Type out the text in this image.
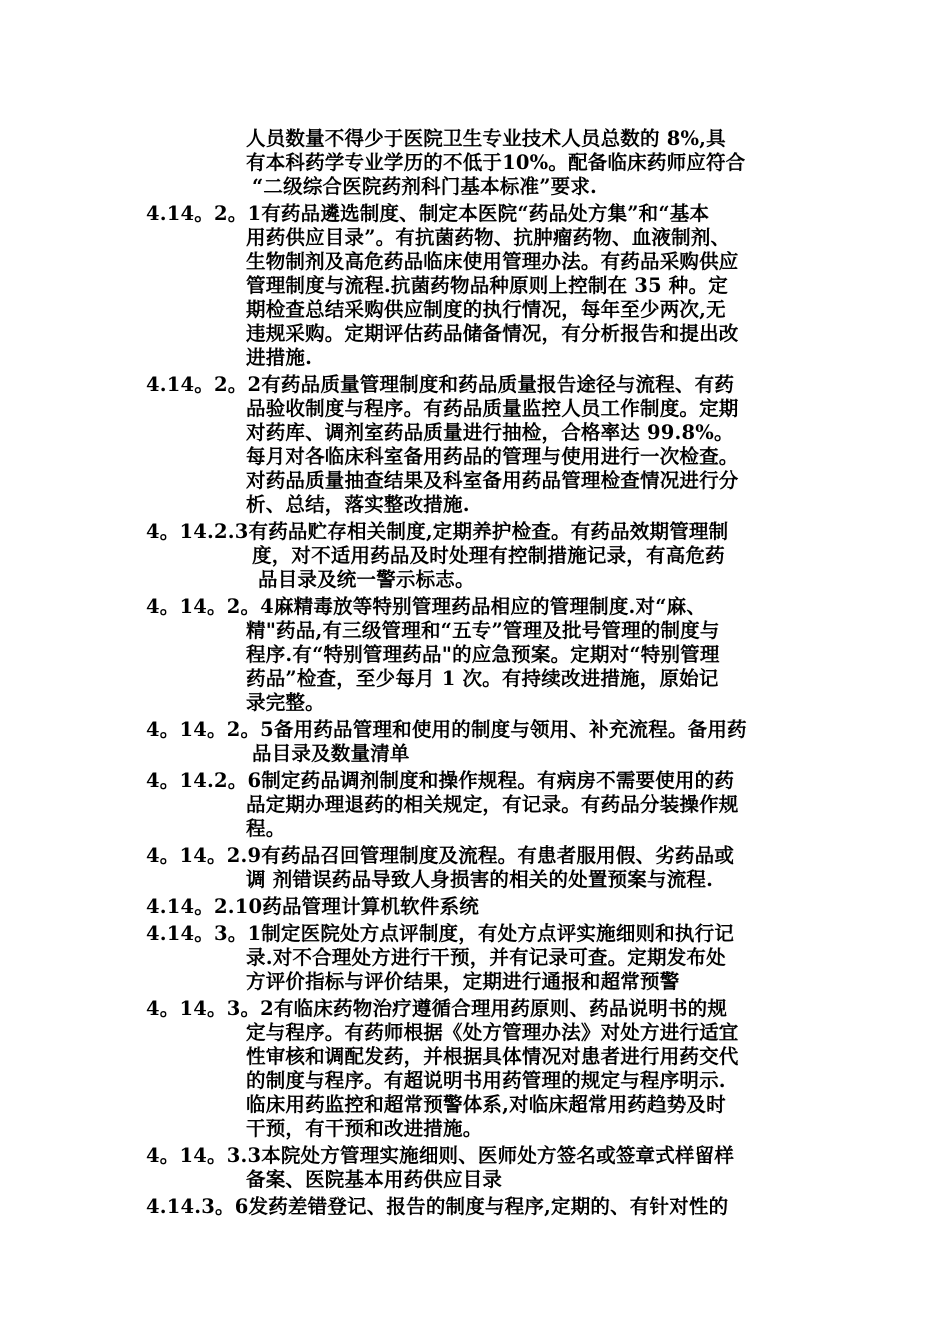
人员数量不得少于医院卫生专业技术人员总数的 8%,具
有本科药学专业学历的不低于10%。配备临床药师应符合
“二级综合医院药剂科门基本标准”要求.
4.14。2。1有药品遴选制度、制定本医院“药品处方集”和“基本
用药供应目录”。有抗菌药物、抗肿瘤药物、血液制剂、
生物制剂及高危药品临床使用管理办法。有药品采购供应
管理制度与流程.抗菌药物品种原则上控制在 35 种。定
期检查总结采购供应制度的执行情况，每年至少两次,无
违规采购。定期评估药品储备情况，有分析报告和提出改
进措施.
4.14。2。2有药品质量管理制度和药品质量报告途径与流程、有药
品验收制度与程序。有药品质量监控人员工作制度。定期
对药库、调剂室药品质量进行抽检，合格率达 99.8%。
每月对各临床科室备用药品的管理与使用进行一次检查。
对药品质量抽查结果及科室备用药品管理检查情况进行分
析、总结，落实整改措施.
4。14.2.3有药品贮存相关制度,定期养护检查。有药品效期管理制
度，对不适用药品及时处理有控制措施记录，有高危药
品目录及统一警示标志。
4。14。2。4麻精毒放等特别管理药品相应的管理制度.对“麻、
精"药品,有三级管理和“五专”管理及批号管理的制度与
程序.有“特别管理药品"的应急预案。定期对“特别管理
药品”检查，至少每月 1 次。有持续改进措施，原始记
录完整。
4。14。2。5备用药品管理和使用的制度与领用、补充流程。备用药
品目录及数量清单
4。14.2。6制定药品调剂制度和操作规程。有病房不需要使用的药
品定期办理退药的相关规定，有记录。有药品分装操作规
程。
4。14。2.9有药品召回管理制度及流程。有患者服用假、劣药品或
调 剂错误药品导致人身损害的相关的处置预案与流程.
4.14。2.10药品管理计算机软件系统
4.14。3。1制定医院处方点评制度，有处方点评实施细则和执行记
录.对不合理处方进行干预，并有记录可查。定期发布处
方评价指标与评价结果，定期进行通报和超常预警
4。14。3。2有临床药物治疗遵循合理用药原则、药品说明书的规
定与程序。有药师根据《处方管理办法》对处方进行适宜
性审核和调配发药，并根据具体情况对患者进行用药交代
的制度与程序。有超说明书用药管理的规定与程序明示.
临床用药监控和超常预警体系,对临床超常用药趋势及时
干预，有干预和改进措施。
4。14。3.3本院处方管理实施细则、医师处方签名或签章式样留样
备案、医院基本用药供应目录
4.14.3。6发药差错登记、报告的制度与程序,定期的、有针对性的
